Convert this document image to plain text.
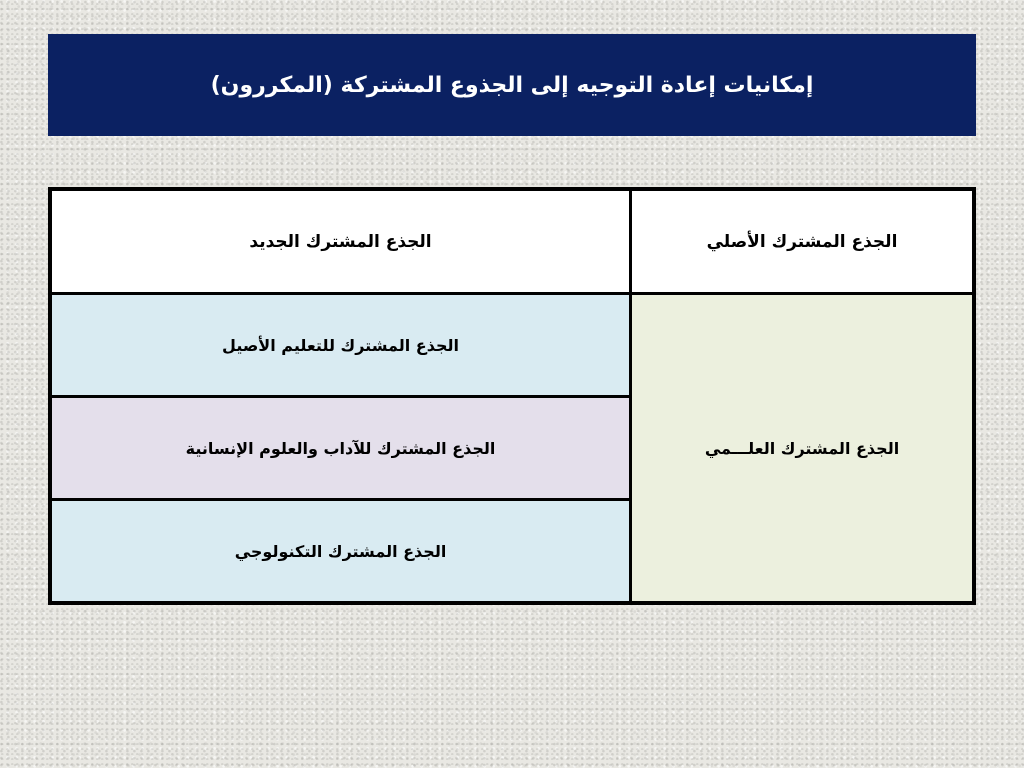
إمكانيات إعادة التوجيه إلى الجذوع المشتركة (المكررون)
الجذع المشترك الأصلي
الجذع المشترك الجديد
الجذع المشترك العلـــمي
الجذع المشترك للتعليم الأصيل
الجذع المشترك للآداب والعلوم الإنسانية
الجذع المشترك التكنولوجي
